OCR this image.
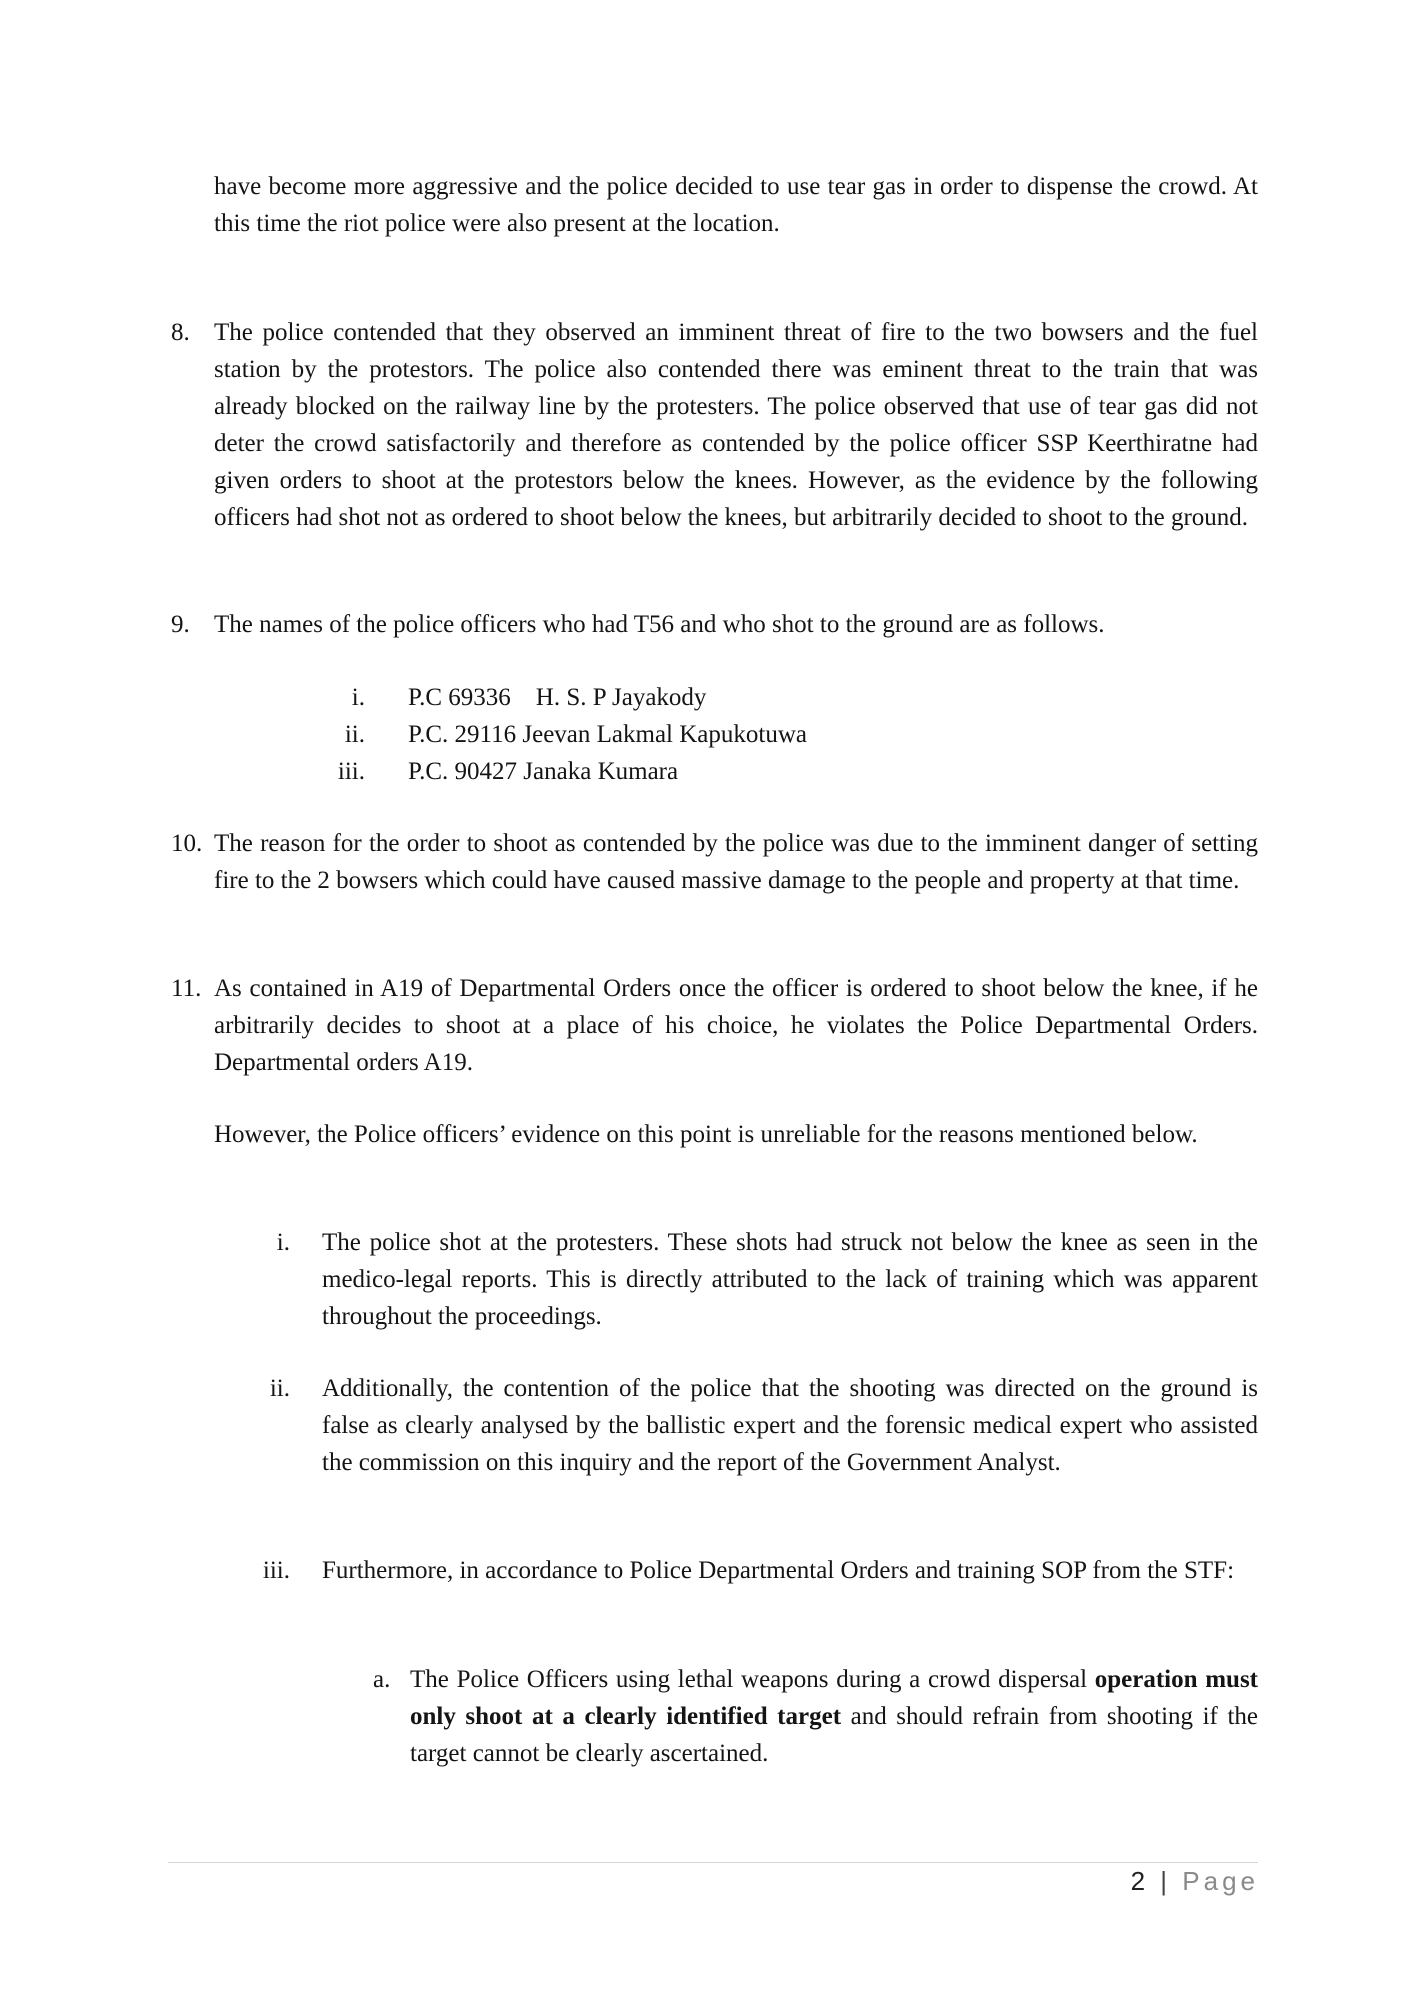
have become more aggressive and the police decided to use tear gas in order to dispense the crowd. At this time the riot police were also present at the location.

8. The police contended that they observed an imminent threat of fire to the two bowsers and the fuel station by the protestors. The police also contended there was eminent threat to the train that was already blocked on the railway line by the protesters. The police observed that use of tear gas did not deter the crowd satisfactorily and therefore as contended by the police officer SSP Keerthiratne had given orders to shoot at the protestors below the knees. However, as the evidence by the following officers had shot not as ordered to shoot below the knees, but arbitrarily decided to shoot to the ground.
9. The names of the police officers who had T56 and who shot to the ground are as follows.
i.	P.C 69336    H. S. P Jayakody
ii.	P.C. 29116 Jeevan Lakmal Kapukotuwa
iii.	P.C. 90427 Janaka Kumara
10. The reason for the order to shoot as contended by the police was due to the imminent danger of setting fire to the 2 bowsers which could have caused massive damage to the people and property at that time.
11. As contained in A19 of Departmental Orders once the officer is ordered to shoot below the knee, if he arbitrarily decides to shoot at a place of his choice, he violates the Police Departmental Orders. Departmental orders A19.

However, the Police officers’ evidence on this point is unreliable for the reasons mentioned below.

i.	The police shot at the protesters. These shots had struck not below the knee as seen in the medico-legal reports. This is directly attributed to the lack of training which was apparent throughout the proceedings.
ii.	Additionally, the contention of the police that the shooting was directed on the ground is false as clearly analysed by the ballistic expert and the forensic medical expert who assisted the commission on this inquiry and the report of the Government Analyst.
iii.	Furthermore, in accordance to Police Departmental Orders and training SOP from the STF:
a. The Police Officers using lethal weapons during a crowd dispersal operation must only shoot at a clearly identified target and should refrain from shooting if the target cannot be clearly ascertained.
2 | Page
